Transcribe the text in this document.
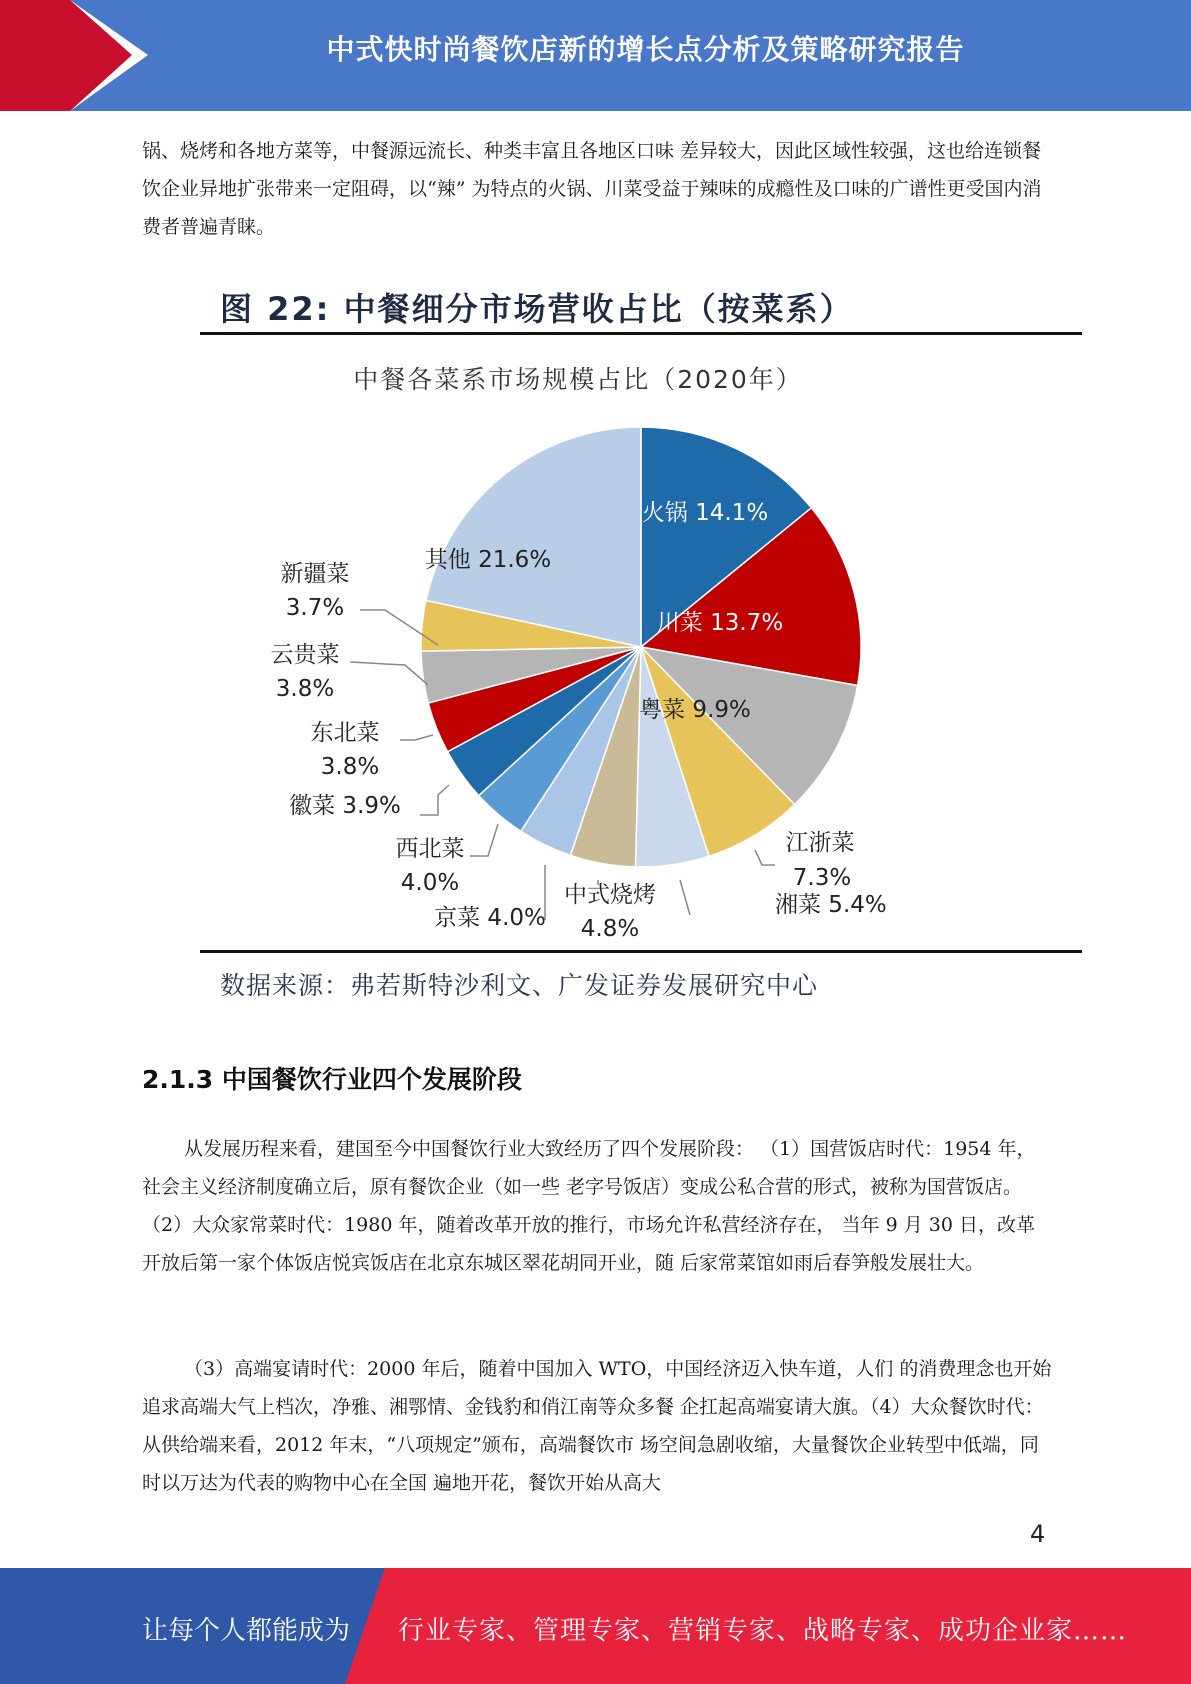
中式快时尚餐饮店新的增长点分析及策略研究报告

锅、烧烤和各地方菜等，中餐源远流长、种类丰富且各地区口味 差异较大，因此区域性较强，这也给连锁餐饮企业异地扩张带来一定阻碍，以“辣” 为特点的火锅、川菜受益于辣味的成瘾性及口味的广谱性更受国内消费者普遍青睐。

图 22: 中餐细分市场营收占比（按菜系）
中餐各菜系市场规模占比（2020年）
火锅 14.1%
川菜 13.7%
粤菜 9.9%
江浙菜
7.3%
湘菜 5.4%
中式烧烤
4.8%
京菜 4.0%
西北菜
4.0%
徽菜 3.9%
东北菜
3.8%
云贵菜
3.8%
新疆菜
3.7%
其他 21.6%
数据来源：弗若斯特沙利文、广发证券发展研究中心
2.1.3 中国餐饮行业四个发展阶段

从发展历程来看，建国至今中国餐饮行业大致经历了四个发展阶段： （1）国营饭店时代：1954 年，社会主义经济制度确立后，原有餐饮企业（如一些 老字号饭店）变成公私合营的形式，被称为国营饭店。 （2）大众家常菜时代：1980 年，随着改革开放的推行，市场允许私营经济存在， 当年 9 月 30 日，改革开放后第一家个体饭店悦宾饭店在北京东城区翠花胡同开业，随 后家常菜馆如雨后春笋般发展壮大。

（3）高端宴请时代：2000 年后，随着中国加入 WTO，中国经济迈入快车道，人们 的消费理念也开始追求高端大气上档次，净雅、湘鄂情、金钱豹和俏江南等众多餐 企扛起高端宴请大旗。（4）大众餐饮时代：从供给端来看，2012 年末，“八项规定”颁布，高端餐饮市 场空间急剧收缩，大量餐饮企业转型中低端，同时以万达为代表的购物中心在全国 遍地开花，餐饮开始从高大

4
让每个人都能成为 行业专家、管理专家、营销专家、战略专家、成功企业家……
